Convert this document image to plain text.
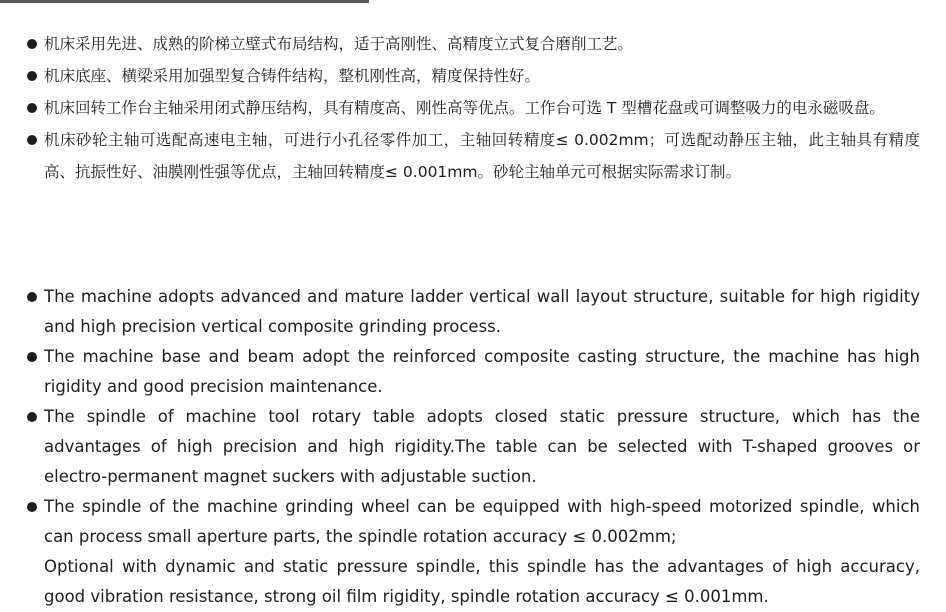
机床采用先进、成熟的阶梯立壁式布局结构，适于高刚性、高精度立式复合磨削工艺。
机床底座、横梁采用加强型复合铸件结构，整机刚性高，精度保持性好。
机床回转工作台主轴采用闭式静压结构，具有精度高、刚性高等优点。工作台可选 T 型槽花盘或可调整吸力的电永磁吸盘。
机床砂轮主轴可选配高速电主轴，可进行小孔径零件加工，主轴回转精度≤ 0.002mm；可选配动静压主轴，此主轴具有精度高、抗振性好、油膜刚性强等优点，主轴回转精度≤ 0.001mm。砂轮主轴单元可根据实际需求订制。
The machine adopts advanced and mature ladder vertical wall layout structure, suitable for high rigidity and high precision vertical composite grinding process.
The machine base and beam adopt the reinforced composite casting structure, the machine has high rigidity and good precision maintenance.
The spindle of machine tool rotary table adopts closed static pressure structure, which has the advantages of high precision and high rigidity.The table can be selected with T-shaped grooves or electro-permanent magnet suckers with adjustable suction.
The spindle of the machine grinding wheel can be equipped with high-speed motorized spindle, which can process small aperture parts, the spindle rotation accuracy ≤ 0.002mm;
Optional with dynamic and static pressure spindle, this spindle has the advantages of high accuracy, good vibration resistance, strong oil film rigidity, spindle rotation accuracy ≤ 0.001mm.
